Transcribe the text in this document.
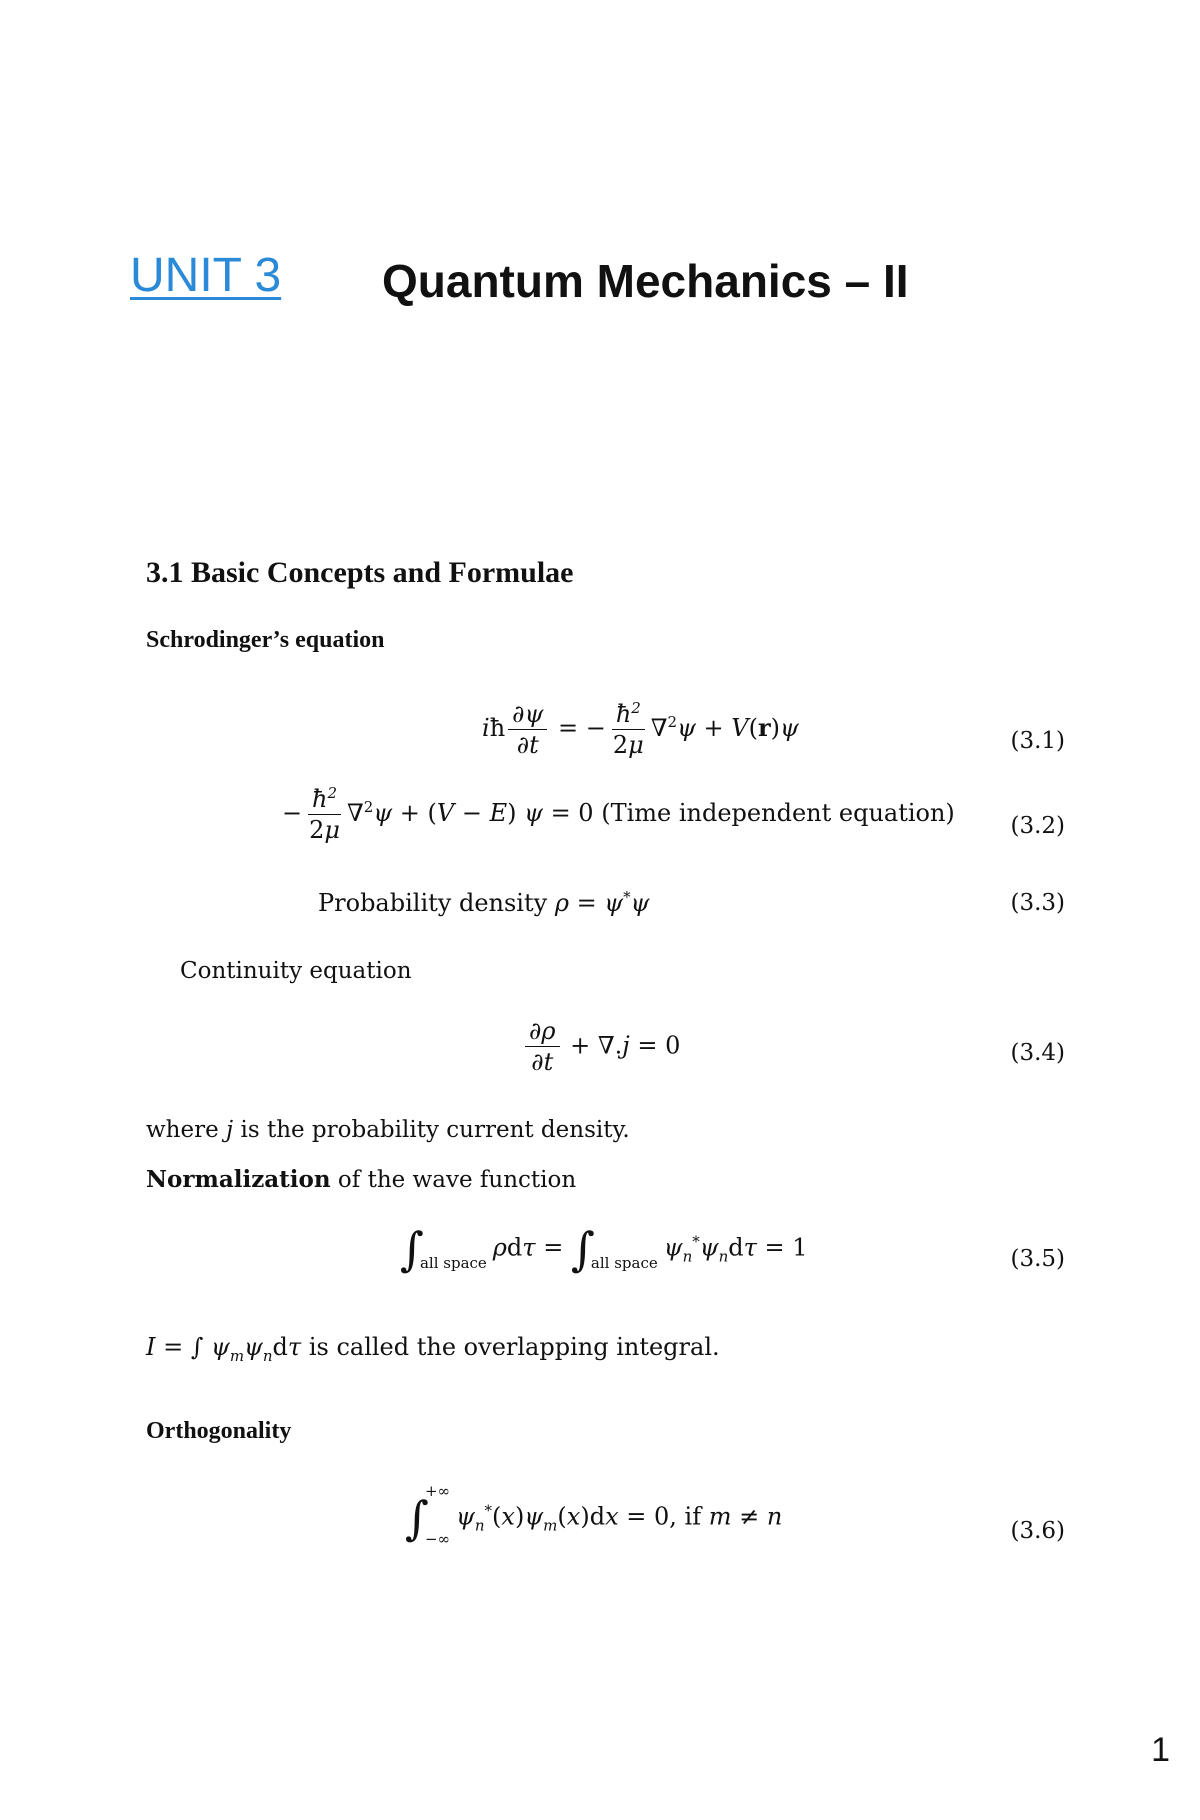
UNIT 3 Quantum Mechanics – II
3.1 Basic Concepts and Formulae
Schrodinger’s equation
iħ $\frac{\partial\psi}{\partial t}$ = − $\frac{ħ^2}{2\mu} \nabla^2\psi + V(r)\psi$	(3.1)
− $\frac{ħ^2}{2\mu} \nabla^2\psi + (V - E) \psi = 0$ (Time independent equation) (3.2)
Probability density ρ = ψ*ψ	(3.3)
Continuity equation
$\frac{\partial\rho}{\partial t} + \nabla.j = 0$	(3.4)
where j is the probability current density.
Normalization of the wave function
∫
all space
ρdτ = ∫
all space
$\psi_n^*\psi_nd\tau = 1$	(3.5)
I = ∫ $\psi_m\psi_nd\tau$ is called the overlapping integral.
Orthogonality
∫
+∞
−∞
$\psi_n^*(x)\psi_m(x)dx = 0$, if m ≠ n
(3.6)
1
